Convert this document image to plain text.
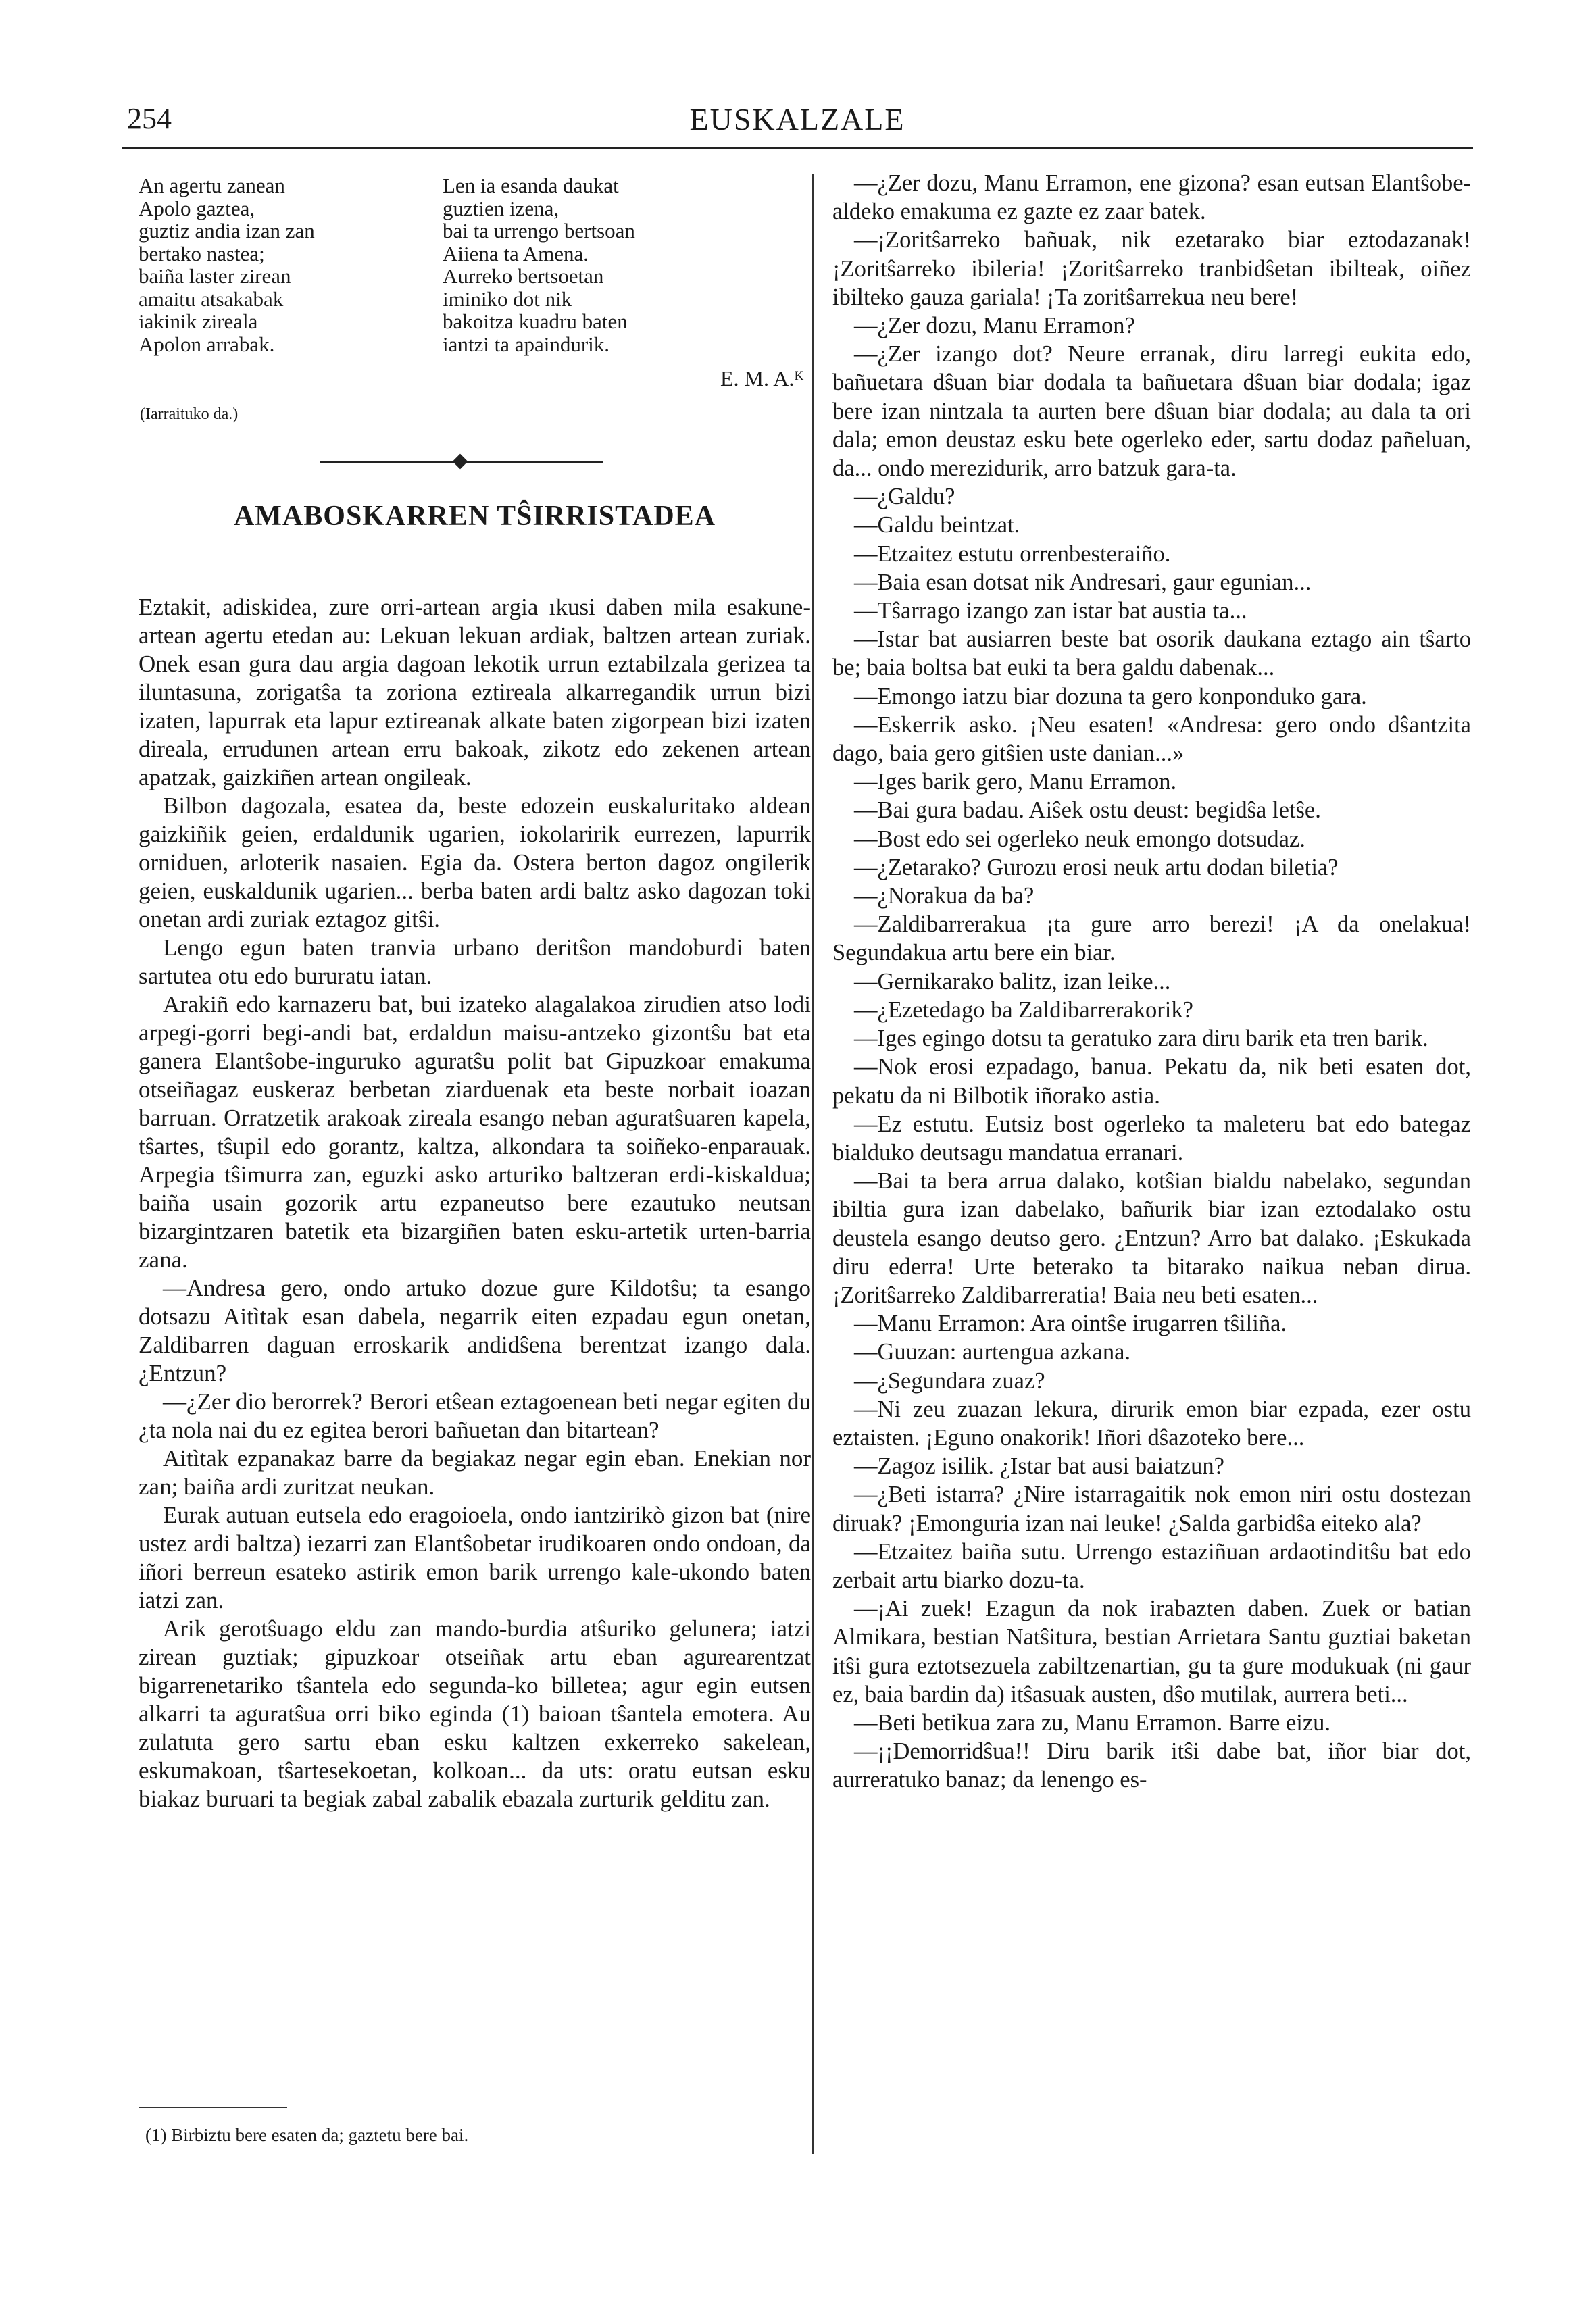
254	EUSKALZALE
An agertu zanean
Apolo gaztea,
guztiz andia izan zan
bertako nastea;
baiña laster zirean
amaitu atsakabak
iakinik zireala
Apolon arrabak.
(Iarraituko da.)
Len ia esanda daukat
guztien izena,
bai ta urrengo bertsoan
Aiiena ta Amena.
Aurreko bertsoetan
iminiko dot nik
bakoitza kuadru baten
iantzi ta apaindurik.
E. M. A.ᴷ
AMABOSKARREN TŜIRRISTADEA

Eztakit, adiskidea, zure orri-artean argia ıkusi daben mila esakune-artean agertu etedan au: Lekuan lekuan ardiak, baltzen artean zuriak. Onek esan gura dau argia dagoan lekotik urrun eztabilzala gerizea ta iluntasuna, zorigatŝa ta zoriona eztireala alkarregandik urrun bizi izaten, lapurrak eta lapur eztireanak alkate baten zigorpean bizi izaten direala, errudunen artean erru bakoak, zikotz edo zekenen artean apatzak, gaizkiñen artean ongileak.

Bilbon dagozala, esatea da, beste edozein euskaluritako aldean gaizkiñik geien, erdaldunik ugarien, iokolaririk eurrezen, lapurrik orniduen, arloterik nasaien. Egia da. Ostera berton dagoz ongilerik geien, euskaldunik ugarien... berba baten ardi baltz asko dagozan toki onetan ardi zuriak eztagoz gitŝi.

Lengo egun baten tranvia urbano deritŝon mandoburdi baten sartutea otu edo bururatu iatan.

Arakiñ edo karnazeru bat, bui izateko alagalakoa zirudien atso lodi arpegi-gorri begi-andi bat, erdaldun maisu-antzeko gizontŝu bat eta ganera Elantŝobe-inguruko aguratŝu polit bat Gipuzkoar emakuma otseiñagaz euskeraz berbetan ziarduenak eta beste norbait ioazan barruan. Orratzetik arakoak zireala esango neban aguratŝuaren kapela, tŝartes, tŝupil edo gorantz, kaltza, alkondara ta soiñeko-enparauak. Arpegia tŝimurra zan, eguzki asko arturiko baltzeran erdi-kiskaldua; baiña usain gozorik artu ezpaneutso bere ezautuko neutsan bizargintzaren batetik eta bizargiñen baten esku-artetik urten-barria zana.

—Andresa gero, ondo artuko dozue gure Kildotŝu; ta esango dotsazu Aitìtak esan dabela, negarrik eiten ezpadau egun onetan, Zaldibarren daguan erroskarik andidŝena berentzat izango dala. ¿Entzun?

—¿Zer dio berorrek? Berori etŝean eztagoenean beti negar egiten du ¿ta nola nai du ez egitea berori bañuetan dan bitartean?

Aitìtak ezpanakaz barre da begiakaz negar egin eban. Enekian nor zan; baiña ardi zuritzat neukan.

Eurak autuan eutsela edo eragoioela, ondo iantzirikò gizon bat (nire ustez ardi baltza) iezarri zan Elantŝobetar irudikoaren ondo ondoan, da iñori berreun esateko astirik emon barik urrengo kale-ukondo baten iatzi zan.

Arik gerotŝuago eldu zan mando-burdia atŝuriko gelunera; iatzi zirean guztiak; gipuzkoar otseiñak artu eban agurearentzat bigarrenetariko tŝantela edo segunda-ko billetea; agur egin eutsen alkarri ta aguratŝua orri biko eginda (1) baioan tŝantela emotera. Au zulatuta gero sartu eban esku kaltzen exkerreko sakelean, eskumakoan, tŝartesekoetan, kolkoan... da uts: oratu eutsan esku biakaz buruari ta begiak zabal zabalik ebazala zurturik gelditu zan.

(1) Birbiztu bere esaten da; gaztetu bere bai.

—¿Zer dozu, Manu Erramon, ene gizona? esan eutsan Elantŝobe-aldeko emakuma ez gazte ez zaar batek.

—¡Zoritŝarreko bañuak, nik ezetarako biar eztodazanak! ¡Zoritŝarreko ibileria! ¡Zoritŝarreko tranbidŝetan ibilteak, oiñez ibilteko gauza gariala! ¡Ta zoritŝarrekua neu bere!

—¿Zer dozu, Manu Erramon?

—¿Zer izango dot? Neure erranak, diru larregi eukita edo, bañuetara dŝuan biar dodala ta bañuetara dŝuan biar dodala; igaz bere izan nintzala ta aurten bere dŝuan biar dodala; au dala ta ori dala; emon deustaz esku bete ogerleko eder, sartu dodaz pañeluan, da... ondo merezidurik, arro batzuk gara-ta.

—¿Galdu?

—Galdu beintzat.

—Etzaitez estutu orrenbesteraiño.

—Baia esan dotsat nik Andresari, gaur egunian...

—Tŝarrago izango zan istar bat austia ta...

—Istar bat ausiarren beste bat osorik daukana eztago ain tŝarto be; baia boltsa bat euki ta bera galdu dabenak...

—Emongo iatzu biar dozuna ta gero konponduko gara.

—Eskerrik asko. ¡Neu esaten! «Andresa: gero ondo dŝantzita dago, baia gero gitŝien uste danian...»

—Iges barik gero, Manu Erramon.

—Bai gura badau. Aiŝek ostu deust: begidŝa letŝe.

—Bost edo sei ogerleko neuk emongo dotsudaz.

—¿Zetarako? Gurozu erosi neuk artu dodan biletia?

—¿Norakua da ba?

—Zaldibarrerakua ¡ta gure arro berezi! ¡A da onelakua! Segundakua artu bere ein biar.

—Gernikarako balitz, izan leike...

—¿Ezetedago ba Zaldibarrerakorik?

—Iges egingo dotsu ta geratuko zara diru barik eta tren barik.

—Nok erosi ezpadago, banua. Pekatu da, nik beti esaten dot, pekatu da ni Bilbotik iñorako astia.

—Ez estutu. Eutsiz bost ogerleko ta maleteru bat edo bategaz bialduko deutsagu mandatua erranari.

—Bai ta bera arrua dalako, kotŝian bialdu nabelako, segundan ibiltia gura izan dabelako, bañurik biar izan eztodalako ostu deustela esango deutso gero. ¿Entzun? Arro bat dalako. ¡Eskukada diru ederra! Urte beterako ta bitarako naikua neban dirua. ¡Zoritŝarreko Zaldibarreratia! Baia neu beti esaten...

—Manu Erramon: Ara ointŝe irugarren tŝiliña.

—Guuzan: aurtengua azkana.

—¿Segundara zuaz?

—Ni zeu zuazan lekura, dirurik emon biar ezpada, ezer ostu eztaisten. ¡Eguno onakorik! Iñori dŝazoteko bere...

—Zagoz isilik. ¿Istar bat ausi baiatzun?

—¿Beti istarra? ¿Nire istarragaitik nok emon niri ostu dostezan diruak? ¡Emonguria izan nai leuke! ¿Salda garbidŝa eiteko ala?

—Etzaitez baiña sutu. Urrengo estaziñuan ardaotinditŝu bat edo zerbait artu biarko dozu-ta.

—¡Ai zuek! Ezagun da nok irabazten daben. Zuek or batian Almikara, bestian Natŝitura, bestian Arrietara Santu guztiai baketan itŝi gura eztotsezuela zabiltzenartian, gu ta gure modukuak (ni gaur ez, baia bardin da) itŝasuak austen, dŝo mutilak, aurrera beti...

—Beti betikua zara zu, Manu Erramon. Barre eizu.

—¡¡Demorridŝua!! Diru barik itŝi dabe bat, iñor biar dot, aurreratuko banaz; da lenengo es-
